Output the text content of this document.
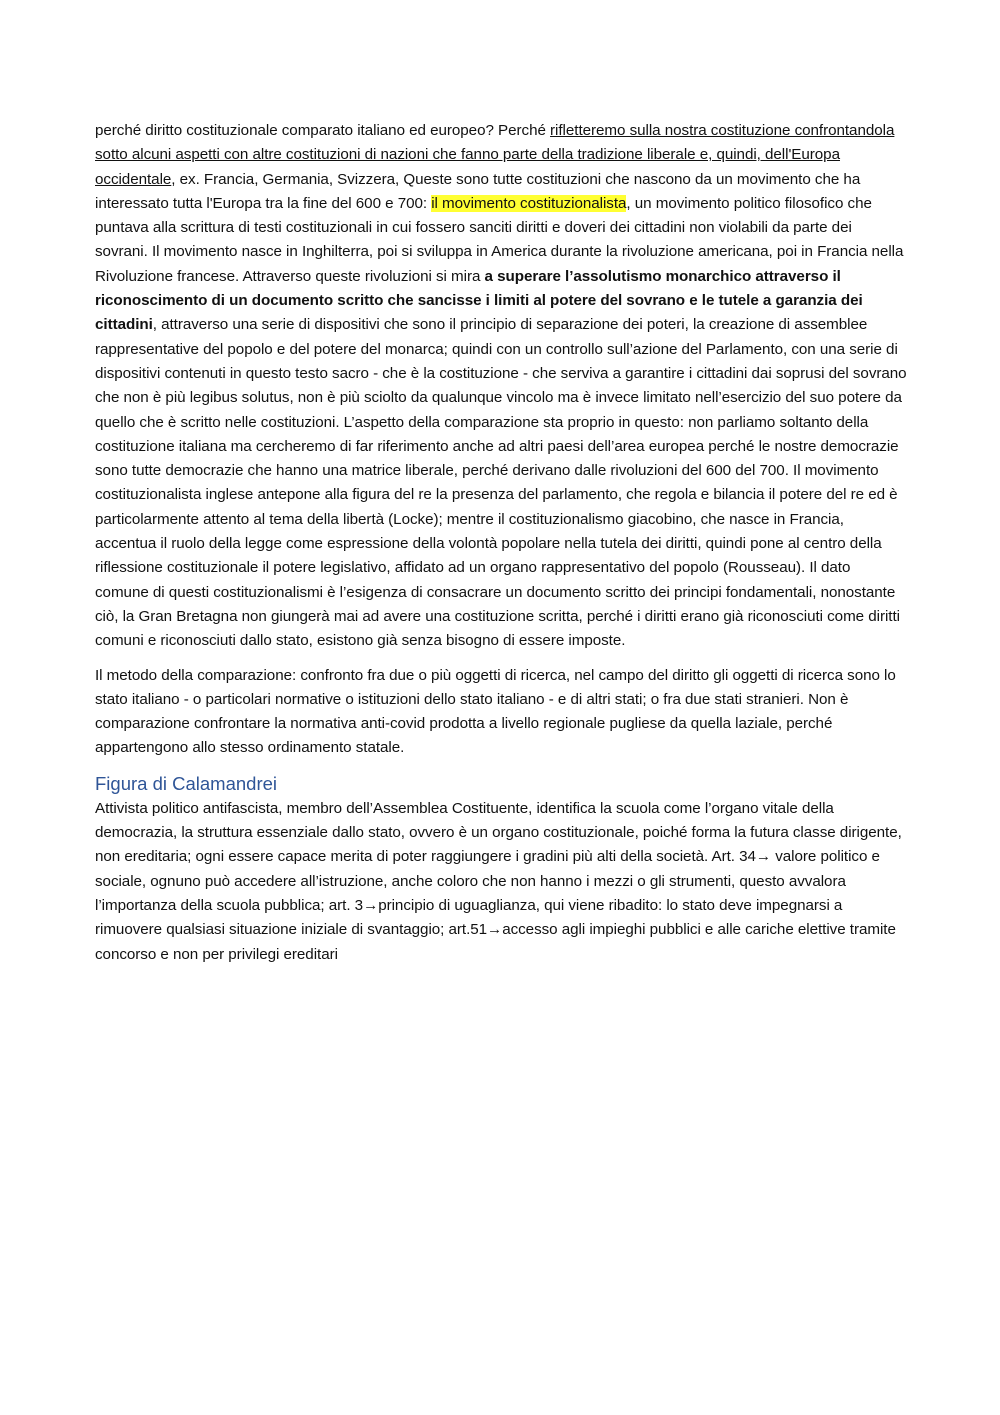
perché diritto costituzionale comparato italiano ed europeo? Perché rifletteremo sulla nostra costituzione confrontandola sotto alcuni aspetti con altre costituzioni di nazioni che fanno parte della tradizione liberale e, quindi, dell'Europa occidentale, ex. Francia, Germania, Svizzera, Queste sono tutte costituzioni che nascono da un movimento che ha interessato tutta l'Europa tra la fine del 600 e 700: il movimento costituzionalista, un movimento politico filosofico che puntava alla scrittura di testi costituzionali in cui fossero sanciti diritti e doveri dei cittadini non violabili da parte dei sovrani. Il movimento nasce in Inghilterra, poi si sviluppa in America durante la rivoluzione americana, poi in Francia nella Rivoluzione francese. Attraverso queste rivoluzioni si mira a superare l’assolutismo monarchico attraverso il riconoscimento di un documento scritto che sancisse i limiti al potere del sovrano e le tutele a garanzia dei cittadini, attraverso una serie di dispositivi che sono il principio di separazione dei poteri, la creazione di assemblee rappresentative del popolo e del potere del monarca; quindi con un controllo sull’azione del Parlamento, con una serie di dispositivi contenuti in questo testo sacro - che è la costituzione - che serviva a garantire i cittadini dai soprusi del sovrano che non è più legibus solutus, non è più sciolto da qualunque vincolo ma è invece limitato nell’esercizio del suo potere da quello che è scritto nelle costituzioni. L’aspetto della comparazione sta proprio in questo: non parliamo soltanto della costituzione italiana ma cercheremo di far riferimento anche ad altri paesi dell’area europea perché le nostre democrazie sono tutte democrazie che hanno una matrice liberale, perché derivano dalle rivoluzioni del 600 del 700. Il movimento costituzionalista inglese antepone alla figura del re la presenza del parlamento, che regola e bilancia il potere del re ed è particolarmente attento al tema della libertà (Locke); mentre il costituzionalismo giacobino, che nasce in Francia, accentua il ruolo della legge come espressione della volontà popolare nella tutela dei diritti, quindi pone al centro della riflessione costituzionale il potere legislativo, affidato ad un organo rappresentativo del popolo (Rousseau). Il dato comune di questi costituzionalismi è l’esigenza di consacrare un documento scritto dei principi fondamentali, nonostante ciò, la Gran Bretagna non giungerà mai ad avere una costituzione scritta, perché i diritti erano già riconosciuti come diritti comuni e riconosciuti dallo stato, esistono già senza bisogno di essere imposte.

Il metodo della comparazione: confronto fra due o più oggetti di ricerca, nel campo del diritto gli oggetti di ricerca sono lo stato italiano - o particolari normative o istituzioni dello stato italiano - e di altri stati; o fra due stati stranieri. Non è comparazione confrontare la normativa anti-covid prodotta a livello regionale pugliese da quella laziale, perché appartengono allo stesso ordinamento statale.

Figura di Calamandrei

Attivista politico antifascista, membro dell’Assemblea Costituente, identifica la scuola come l’organo vitale della democrazia, la struttura essenziale dallo stato, ovvero è un organo costituzionale, poiché forma la futura classe dirigente, non ereditaria; ogni essere capace merita di poter raggiungere i gradini più alti della società. Art. 34→ valore politico e sociale, ognuno può accedere all’istruzione, anche coloro che non hanno i mezzi o gli strumenti, questo avvalora l’importanza della scuola pubblica; art. 3→principio di uguaglianza, qui viene ribadito: lo stato deve impegnarsi a rimuovere qualsiasi situazione iniziale di svantaggio; art.51→accesso agli impieghi pubblici e alle cariche elettive tramite concorso e non per privilegi ereditari
